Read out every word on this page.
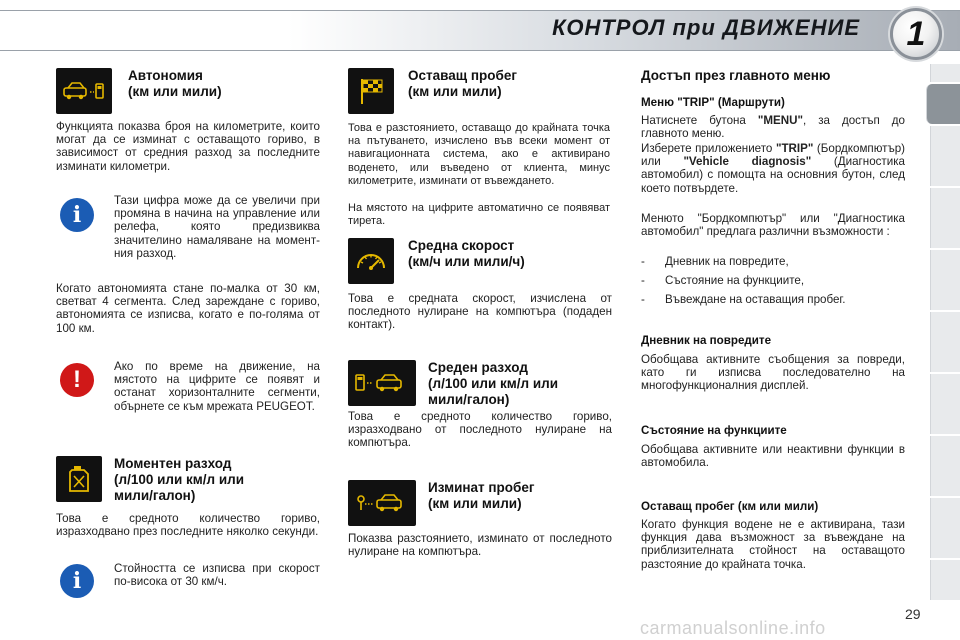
КОНТРОЛ при ДВИЖЕНИЕ 1
Автономия
(км или мили)
Функцията показва броя на километрите, които могат да се изминат с оставащото гориво, в зависимост от средния разход за последните изминати километри.
i
Тази цифра може да се увеличи при промяна в начина на управление или релефа, която предизвиква значителино намаляване на момент-ния разход.
Когато автономията стане по-малка от 30 км, светват 4 сегмента. След зареждане с гориво, автономията се изписва, когато е по-голяма от 100 км.
!	Ако по време на движение, на мястото на цифрите се появят и останат хоризонталните сегменти, обърнете се към мрежата PEUGEOT.
Моментен разход
(л/100 или км/л или
мили/галон)
Това е средното количество гориво, изразходвано през последните няколко секунди.
i	Стойността се изписва при скорост по-висока от 30 км/ч.
Оставащ пробег
(км или мили)
Това е разстоянието, оставащо до крайната точка на пътуването, изчислено във всеки момент от навигационната система, ако е активирано воденето, или въведено от клиента, минус километрите, изминати от въвеждането.
На мястото на цифрите автоматично се появяват тирета.
Средна скорост
(км/ч или мили/ч)
Това е средната скорост, изчислена от последното нулиране на компютъра (подаден контакт).
Среден разход
(л/100 или км/л или
мили/галон)
Това е средното количество гориво, изразходвано от последното нулиране на компютъра.
Изминат пробег
(км или мили)
Показва разстоянието, изминато от последното нулиране на компютъра.
Достъп през главното меню
Меню "TRIP" (Маршрути)
Натиснете бутона "MENU", за достъп до главното меню.
Изберете приложението "TRIP" (Бордкомпютър) или "Vehicle diagnosis" (Диагностика автомобил) с помощта на основния бутон, след което потвърдете.
Менюто "Бордкомпютър" или "Диагностика автомобил" предлага различни възможности :
-	Дневник на повредите,
-	Състояние на функциите,
-	Въвеждане на оставащия пробег.
Дневник на повредите
Обобщава активните съобщения за повреди, като ги изписва последователно на многофункционалния дисплей.
Състояние на функциите
Обобщава активните или неактивни функции в автомобила.
Оставащ пробег (км или мили)
Когато функция водене не е активирана, тази функция дава възможност за въвеждане на приблизителната стойност на оставащото разстояние до крайната точка.
29
carmanualsonline.info
